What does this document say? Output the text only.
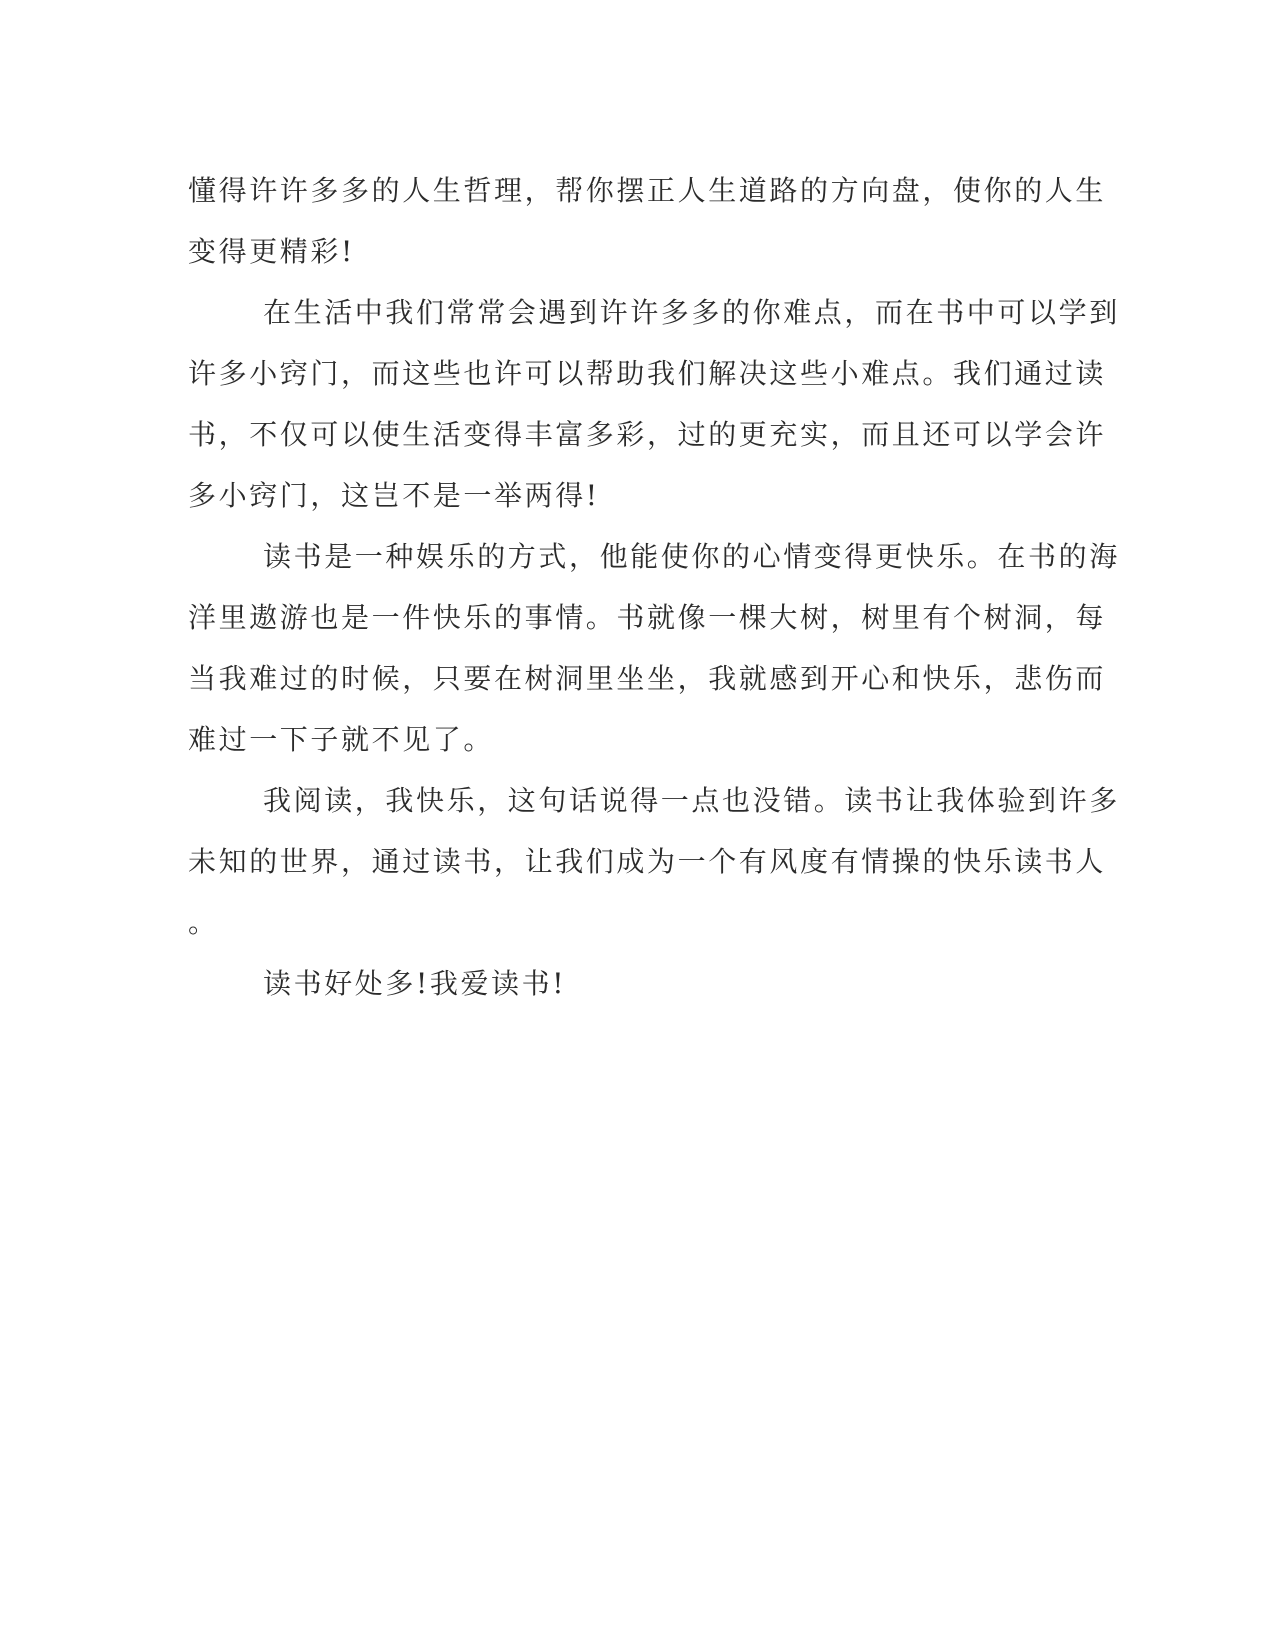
懂得许许多多的人生哲理，帮你摆正人生道路的方向盘，使你的人生
变得更精彩!
在生活中我们常常会遇到许许多多的你难点，而在书中可以学到
许多小窍门，而这些也许可以帮助我们解决这些小难点。我们通过读
书，不仅可以使生活变得丰富多彩，过的更充实，而且还可以学会许
多小窍门，这岂不是一举两得!
读书是一种娱乐的方式，他能使你的心情变得更快乐。在书的海
洋里遨游也是一件快乐的事情。书就像一棵大树，树里有个树洞，每
当我难过的时候，只要在树洞里坐坐，我就感到开心和快乐，悲伤而
难过一下子就不见了。
我阅读，我快乐，这句话说得一点也没错。读书让我体验到许多
未知的世界，通过读书，让我们成为一个有风度有情操的快乐读书人
。
读书好处多!我爱读书!
